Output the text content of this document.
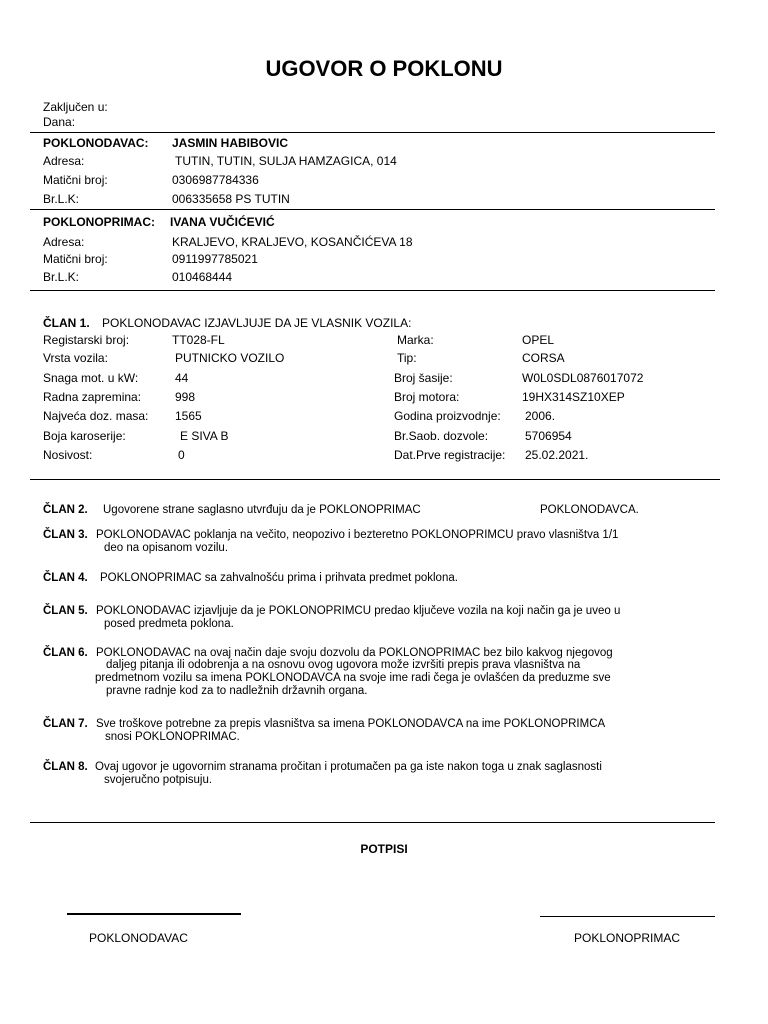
UGOVOR O POKLONU
Zaključen u:
Dana:
POKLONODAVAC: JASMIN HABIBOVIC
Adresa:	TUTIN, TUTIN, SULJA HAMZAGICA, 014
Matični broj:	0306987784336
Br.L.K:	006335658 PS TUTIN
POKLONOPRIMAC: IVANA VUČIĆEVIĆ
Adresa:	KRALJEVO, KRALJEVO, KOSANČIĆEVA 18
Matični broj:	0911997785021
Br.L.K:	010468444
ČLAN 1. POKLONODAVAC IZJAVLJUJE DA JE VLASNIK VOZILA:
Registarski broj:	TT028-FL	Marka:	OPEL
Vrsta vozila:	PUTNICKO VOZILO	Tip:	CORSA
Snaga mot. u kW:	44	Broj šasije:	W0L0SDL0876017072
Radna zapremina:	998	Broj motora:	19HX314SZ10XEP
Najveća doz. masa: 1565	Godina proizvodnje: 2006.
Boja karoserije:	E SIVA B	Br.Saob. dozvole:	5706954
Nosivost:	0	Dat.Prve registracije: 25.02.2021.
ČLAN 2. Ugovorene strane saglasno utvrđuju da je POKLONOPRIMAC	POKLONODAVCA.
ČLAN 3. POKLONODAVAC poklanja na večito, neopozivo i bezteretno POKLONOPRIMCU pravo vlasništva 1/1
deo na opisanom vozilu.
ČLAN 4. POKLONOPRIMAC sa zahvalnošću prima i prihvata predmet poklona.
ČLAN 5. POKLONODAVAC izjavljuje da je POKLONOPRIMCU predao ključeve vozila na koji način ga je uveo u
posed predmeta poklona.
ČLAN 6. POKLONODAVAC na ovaj način daje svoju dozvolu da POKLONOPRIMAC bez bilo kakvog njegovog
daljeg pitanja ili odobrenja a na osnovu ovog ugovora može izvršiti prepis prava vlasništva na
predmetnom vozilu sa imena POKLONODAVCA na svoje ime radi čega je ovlašćen da preduzme sve
pravne radnje kod za to nadležnih državnih organa.
ČLAN 7. Sve troškove potrebne za prepis vlasništva sa imena POKLONODAVCA na ime POKLONOPRIMCA
snosi POKLONOPRIMAC.
ČLAN 8. Ovaj ugovor je ugovornim stranama pročitan i protumačen pa ga iste nakon toga u znak saglasnosti
svojeručno potpisuju.
POTPISI
POKLONODAVAC	POKLONOPRIMAC
